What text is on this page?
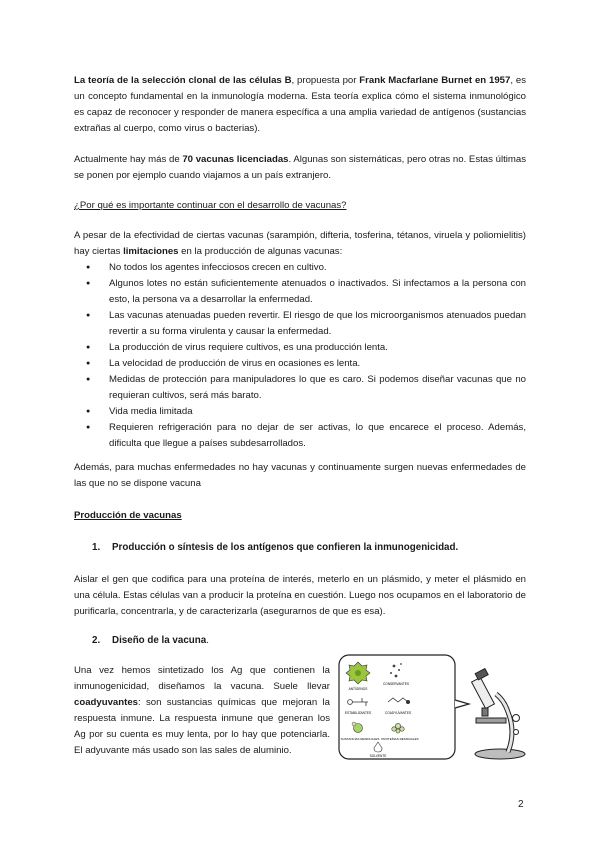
La teoría de la selección clonal de las células B, propuesta por Frank Macfarlane Burnet en 1957, es un concepto fundamental en la inmunología moderna. Esta teoría explica cómo el sistema inmunológico es capaz de reconocer y responder de manera específica a una amplia variedad de antígenos (sustancias extrañas al cuerpo, como virus o bacterias).

Actualmente hay más de 70 vacunas licenciadas. Algunas son sistemáticas, pero otras no. Estas últimas se ponen por ejemplo cuando viajamos a un país extranjero.

¿Por qué es importante continuar con el desarrollo de vacunas?

A pesar de la efectividad de ciertas vacunas (sarampión, difteria, tosferina, tétanos, viruela y poliomielitis) hay ciertas limitaciones en la producción de algunas vacunas:

● No todos los agentes infecciosos crecen en cultivo.
● Algunos lotes no están suficientemente atenuados o inactivados. Si infectamos a la persona con esto, la persona va a desarrollar la enfermedad.
● Las vacunas atenuadas pueden revertir. El riesgo de que los microorganismos atenuados puedan revertir a su forma virulenta y causar la enfermedad.
● La producción de virus requiere cultivos, es una producción lenta.
● La velocidad de producción de virus en ocasiones es lenta.
● Medidas de protección para manipuladores lo que es caro. Si podemos diseñar vacunas que no requieran cultivos, será más barato.
● Vida media limitada
● Requieren refrigeración para no dejar de ser activas, lo que encarece el proceso. Además, dificulta que llegue a países subdesarrollados.

Además, para muchas enfermedades no hay vacunas y continuamente surgen nuevas enfermedades de las que no se dispone vacuna

Producción de vacunas

1. Producción o síntesis de los antígenos que confieren la inmunogenicidad.

Aislar el gen que codifica para una proteína de interés, meterlo en un plásmido, y meter el plásmido en una célula. Estas células van a producir la proteína en cuestión. Luego nos ocupamos en el laboratorio de purificarla, concentrarla, y de caracterizarla (asegurarnos de que es esa).

2. Diseño de la vacuna.

Una vez hemos sintetizado los Ag que contienen la inmunogenicidad, diseñamos la vacuna. Suele llevar coadyuvantes: son sustancias químicas que mejoran la respuesta inmune. La respuesta inmune que generan los Ag por su cuenta es muy lenta, por lo hay que potenciarla. El adyuvante más usado son las sales de aluminio.

ANTÍGENOS
CONSERVANTES
ESTABILIZANTES	COADYUVANTES
SUSTANCIAS RESIDUALES PROTEÍNAS RESIDUALES
SOLVENTE
2
